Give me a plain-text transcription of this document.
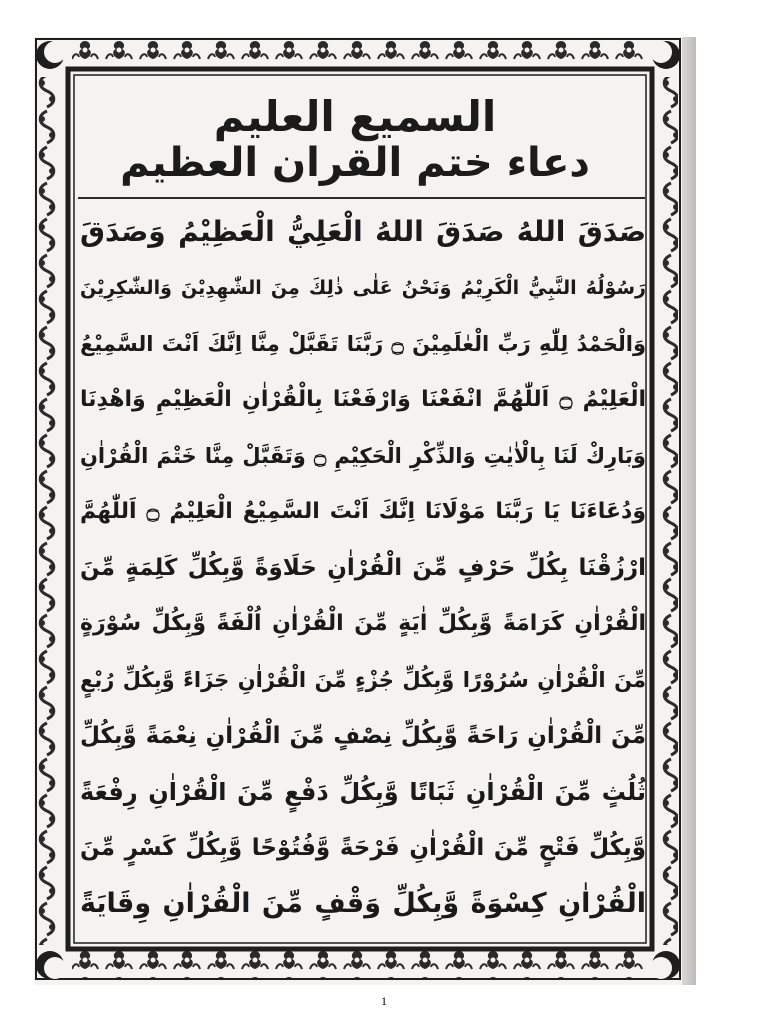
السميع العليم
دعاء ختم القران العظيم
صَدَقَ اللهُ صَدَقَ اللهُ الْعَلِيُّ الْعَظِيْمُ وَصَدَقَ
رَسُوْلُهُ النَّبِيُّ الْكَرِيْمُ وَنَحْنُ عَلٰى ذٰلِكَ مِنَ الشّٰهِدِيْنَ وَالشّٰكِرِيْنَ
وَالْحَمْدُ لِلّٰهِ رَبِّ الْعٰلَمِيْنَ ۝ رَبَّنَا تَقَبَّلْ مِنَّا اِنَّكَ اَنْتَ السَّمِيْعُ
الْعَلِيْمُ ۝ اَللّٰهُمَّ انْفَعْنَا وَارْفَعْنَا بِالْقُرْاٰنِ الْعَظِيْمِ وَاهْدِنَا
وَبَارِكْ لَنَا بِالْاٰيٰتِ وَالذِّكْرِ الْحَكِيْمِ ۝ وَتَقَبَّلْ مِنَّا خَتْمَ الْقُرْاٰنِ
وَدُعَاءَنَا يَا رَبَّنَا مَوْلَانَا اِنَّكَ اَنْتَ السَّمِيْعُ الْعَلِيْمُ ۝ اَللّٰهُمَّ
ارْزُقْنَا بِكُلِّ حَرْفٍ مِّنَ الْقُرْاٰنِ حَلَاوَةً وَّبِكُلِّ كَلِمَةٍ مِّنَ
الْقُرْاٰنِ كَرَامَةً وَّبِكُلِّ اٰيَةٍ مِّنَ الْقُرْاٰنِ اُلْفَةً وَّبِكُلِّ سُوْرَةٍ
مِّنَ الْقُرْاٰنِ سُرُوْرًا وَّبِكُلِّ جُزْءٍ مِّنَ الْقُرْاٰنِ جَزَاءً وَّبِكُلِّ رُبْعٍ
مِّنَ الْقُرْاٰنِ رَاحَةً وَّبِكُلِّ نِصْفٍ مِّنَ الْقُرْاٰنِ نِعْمَةً وَّبِكُلِّ
ثُلُثٍ مِّنَ الْقُرْاٰنِ ثَبَاتًا وَّبِكُلِّ دَفْعٍ مِّنَ الْقُرْاٰنِ رِفْعَةً
وَّبِكُلِّ فَتْحٍ مِّنَ الْقُرْاٰنِ فَرْحَةً وَّفُتُوْحًا وَّبِكُلِّ كَسْرٍ مِّنَ
الْقُرْاٰنِ كِسْوَةً وَّبِكُلِّ وَقْفٍ مِّنَ الْقُرْاٰنِ وِقَايَةً
1
